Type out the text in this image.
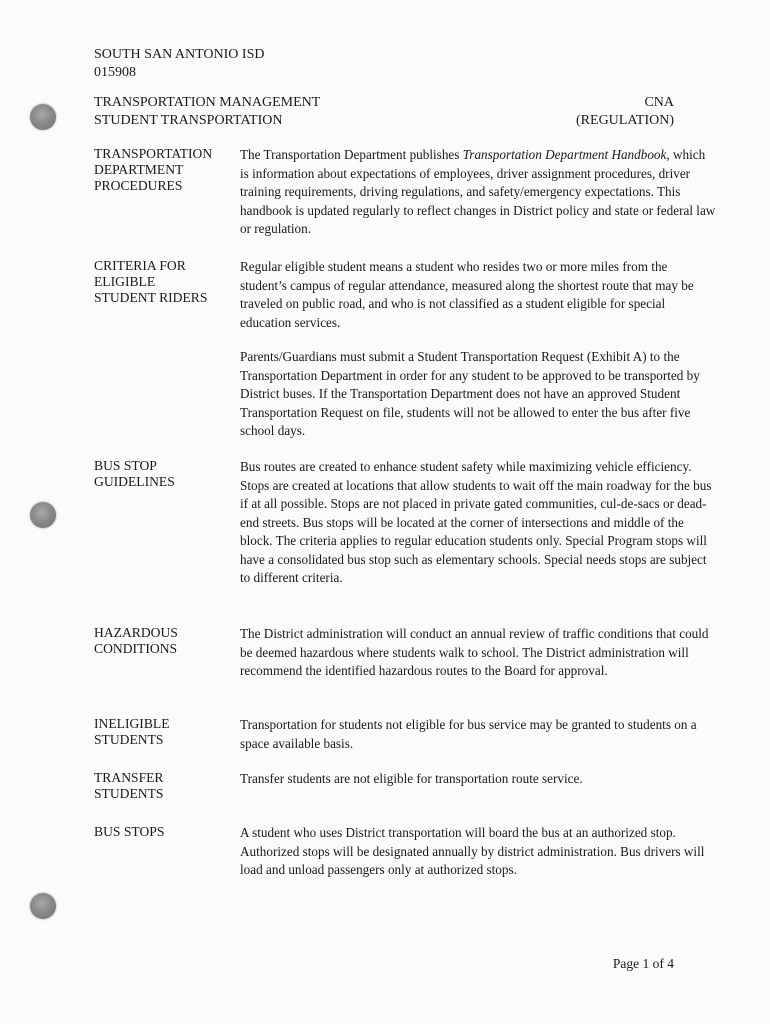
SOUTH SAN ANTONIO ISD
015908
TRANSPORTATION MANAGEMENT
STUDENT TRANSPORTATION
CNA
(REGULATION)
TRANSPORTATION
DEPARTMENT
PROCEDURES

The Transportation Department publishes Transportation Department Handbook, which is information about expectations of employees, driver assignment procedures, driver training requirements, driving regulations, and safety/emergency expectations. This handbook is updated regularly to reflect changes in District policy and state or federal law or regulation.

CRITERIA FOR
ELIGIBLE
STUDENT RIDERS

Regular eligible student means a student who resides two or more miles from the student’s campus of regular attendance, measured along the shortest route that may be traveled on public road, and who is not classified as a student eligible for special education services.

Parents/Guardians must submit a Student Transportation Request (Exhibit A) to the Transportation Department in order for any student to be approved to be transported by District buses. If the Transportation Department does not have an approved Student Transportation Request on file, students will not be allowed to enter the bus after five school days.

BUS STOP
GUIDELINES

Bus routes are created to enhance student safety while maximizing vehicle efficiency. Stops are created at locations that allow students to wait off the main roadway for the bus if at all possible. Stops are not placed in private gated communities, cul-de-sacs or dead-end streets. Bus stops will be located at the corner of intersections and middle of the block. The criteria applies to regular education students only. Special Program stops will have a consolidated bus stop such as elementary schools. Special needs stops are subject to different criteria.

HAZARDOUS
CONDITIONS

The District administration will conduct an annual review of traffic conditions that could be deemed hazardous where students walk to school. The District administration will recommend the identified hazardous routes to the Board for approval.

INELIGIBLE
STUDENTS

Transportation for students not eligible for bus service may be granted to students on a space available basis.

TRANSFER
STUDENTS

Transfer students are not eligible for transportation route service.

BUS STOPS	A student who uses District transportation will board the bus at an authorized stop. Authorized stops will be designated annually by district administration. Bus drivers will load and unload passengers only at authorized stops.

Page 1 of 4
